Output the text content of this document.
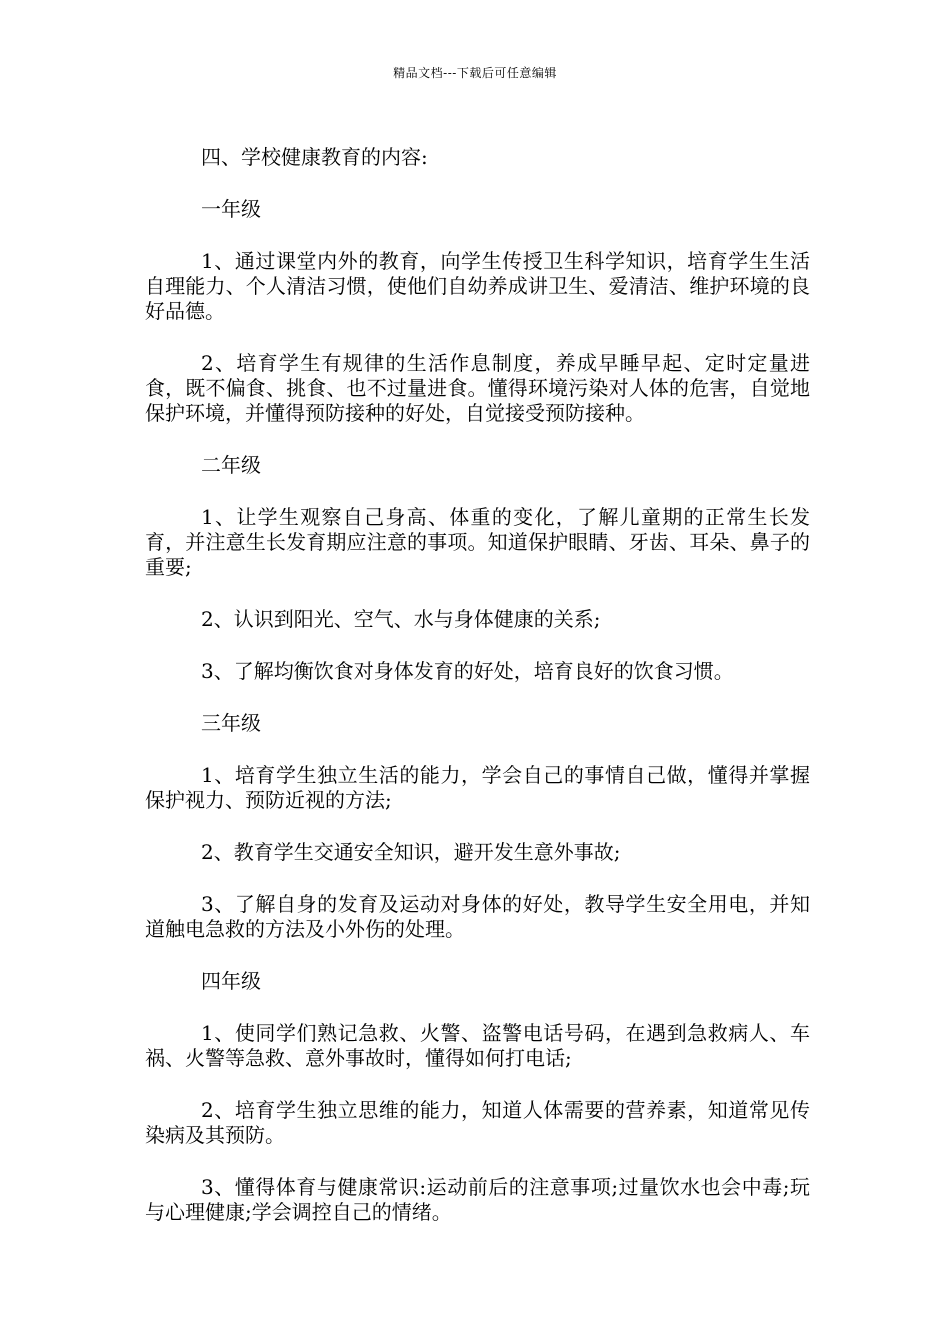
精品文档---下载后可任意编辑

四、学校健康教育的内容:

一年级

1、通过课堂内外的教育，向学生传授卫生科学知识，培育学生生活自理能力、个人清洁习惯，使他们自幼养成讲卫生、爱清洁、维护环境的良好品德。

2、培育学生有规律的生活作息制度，养成早睡早起、定时定量进食，既不偏食、挑食、也不过量进食。懂得环境污染对人体的危害，自觉地保护环境，并懂得预防接种的好处，自觉接受预防接种。

二年级

1、让学生观察自己身高、体重的变化，了解儿童期的正常生长发育，并注意生长发育期应注意的事项。知道保护眼睛、牙齿、耳朵、鼻子的重要;

2、认识到阳光、空气、水与身体健康的关系;

3、了解均衡饮食对身体发育的好处，培育良好的饮食习惯。

三年级

1、培育学生独立生活的能力，学会自己的事情自己做，懂得并掌握保护视力、预防近视的方法;

2、教育学生交通安全知识，避开发生意外事故;

3、了解自身的发育及运动对身体的好处，教导学生安全用电，并知道触电急救的方法及小外伤的处理。

四年级

1、使同学们熟记急救、火警、盗警电话号码，在遇到急救病人、车祸、火警等急救、意外事故时，懂得如何打电话;

2、培育学生独立思维的能力，知道人体需要的营养素，知道常见传染病及其预防。

3、懂得体育与健康常识:运动前后的注意事项;过量饮水也会中毒;玩与心理健康;学会调控自己的情绪。
